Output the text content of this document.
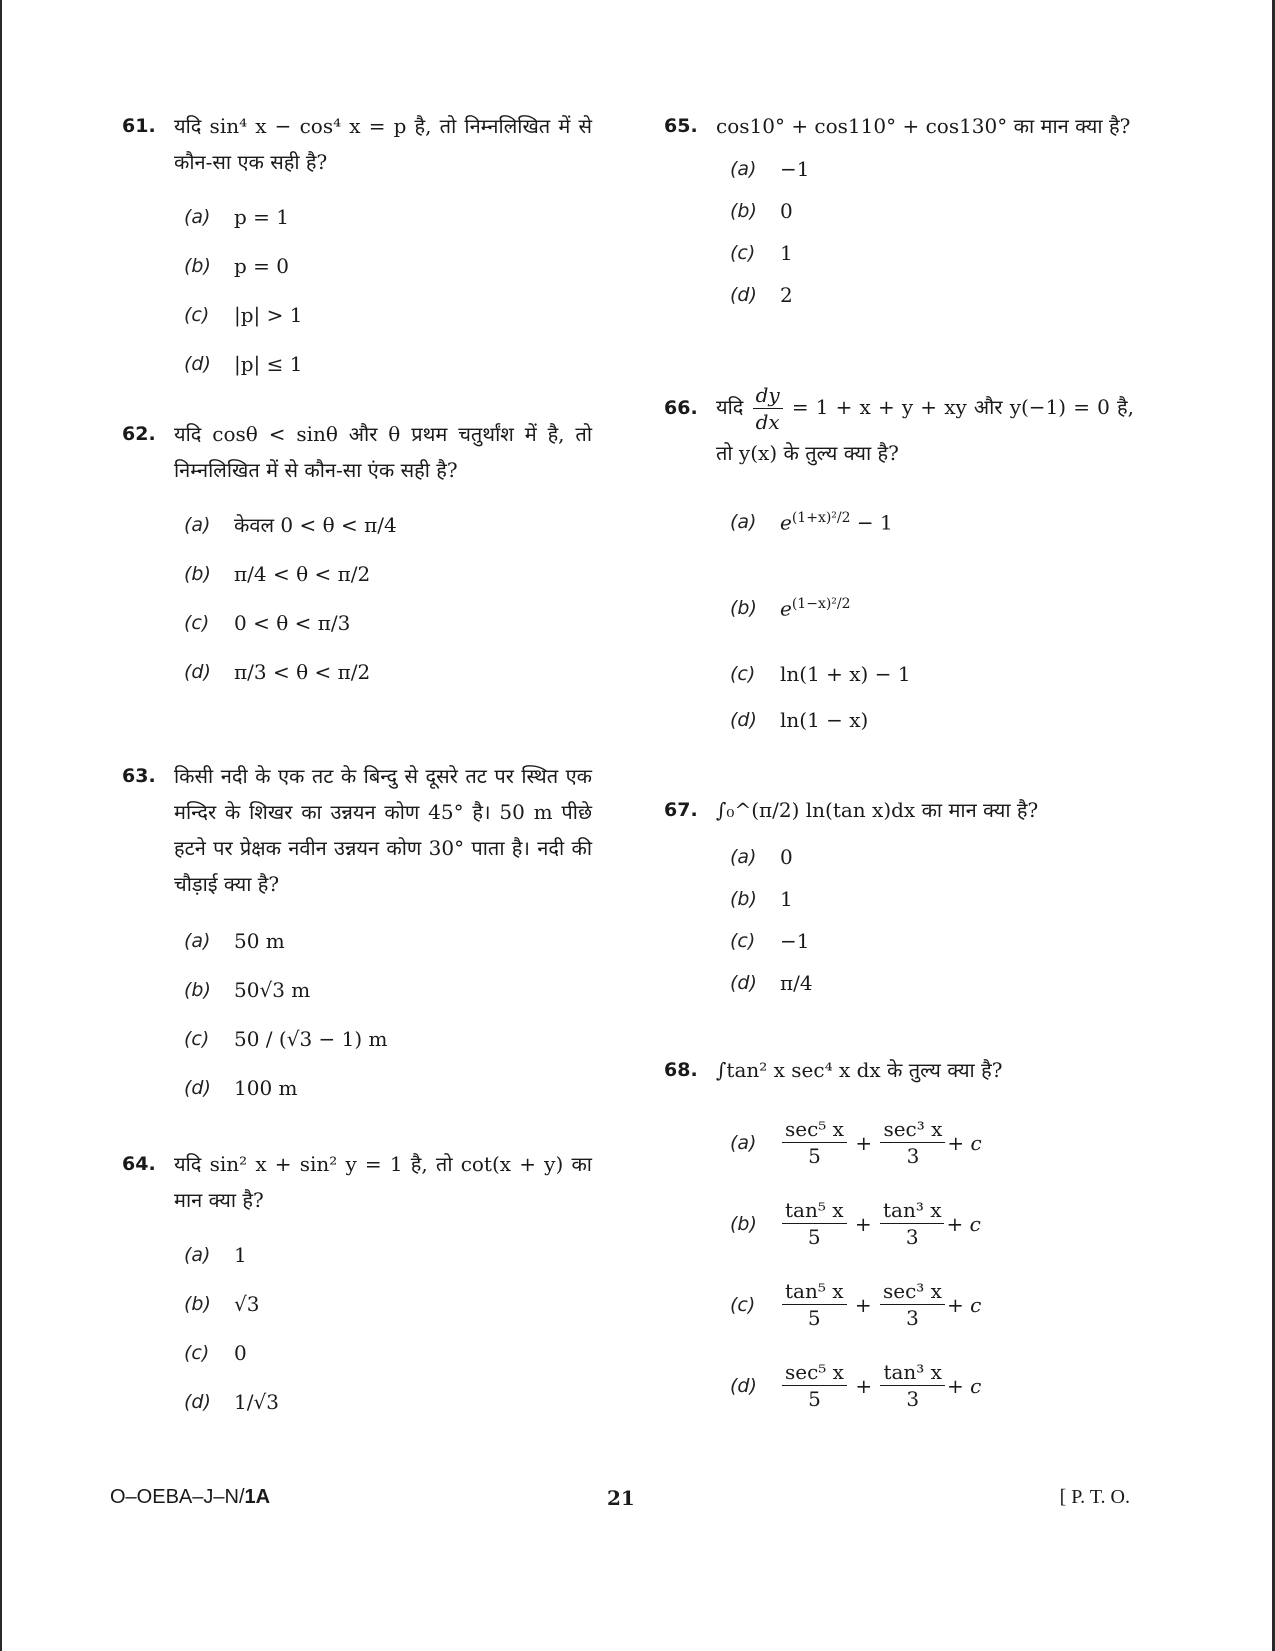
61. यदि sin⁴ x − cos⁴ x = p है, तो निम्नलिखित में से कौन-सा एक सही है?
(a)	p = 1
(b)	p = 0
(c)	|p| > 1
(d)	|p| ≤ 1
62. यदि cosθ < sinθ और θ प्रथम चतुर्थांश में है, तो निम्नलिखित में से कौन-सा एंक सही है?
(a)	केवल 0 < θ < π/4
(b)	π/4 < θ < π/2
(c)	0 < θ < π/3
(d)	π/3 < θ < π/2
63. किसी नदी के एक तट के बिन्दु से दूसरे तट पर स्थित एक मन्दिर के शिखर का उन्नयन कोण 45° है। 50 m पीछे हटने पर प्रेक्षक नवीन उन्नयन कोण 30° पाता है। नदी की चौड़ाई क्या है?
(a)	50 m
(b)	50√3 m
(c)	50 / (√3 − 1) m
(d)	100 m
64. यदि sin² x + sin² y = 1 है, तो cot(x + y) का मान क्या है?
(a)	1
(b)	√3
(c)	0
(d)	1/√3
65. cos10° + cos110° + cos130° का मान क्या है?
(a)	−1
(b)	0
(c)	1
(d)	2
66. यदि $\frac{dy}{dx} = 1 + x + y$ + xy और y(−1) = 0 है, तो y(x) के तुल्य क्या है?
(a)	$e^{(1+x)^2/2} - 1$
(b)	$e^{(1-x)^2/2}$
(c)	ln(1 + x) − 1
(d)	ln(1 − x)
67. ∫₀^(π/2) ln(tan x)dx का मान क्या है?
(a)	0
(b)	1
(c)	−1
(d)	π/4
68. ∫tan² x sec⁴ x dx के तुल्य क्या है?
(a)	$\frac{\text{sec⁵ x}}{5} + \frac{\text{sec³ x}}{3} + c$
(b)	$\frac{\text{tan⁵ x}}{5} + \frac{\text{tan³ x}}{3} + c$
(c)	$\frac{\text{tan⁵ x}}{5} + \frac{\text{sec³ x}}{3} + c$
(d)	$\frac{\text{sec⁵ x}}{5} + \frac{\text{tan³ x}}{3} + c$
O–OEBA–J–N/1A	21	[ P. T. O.
